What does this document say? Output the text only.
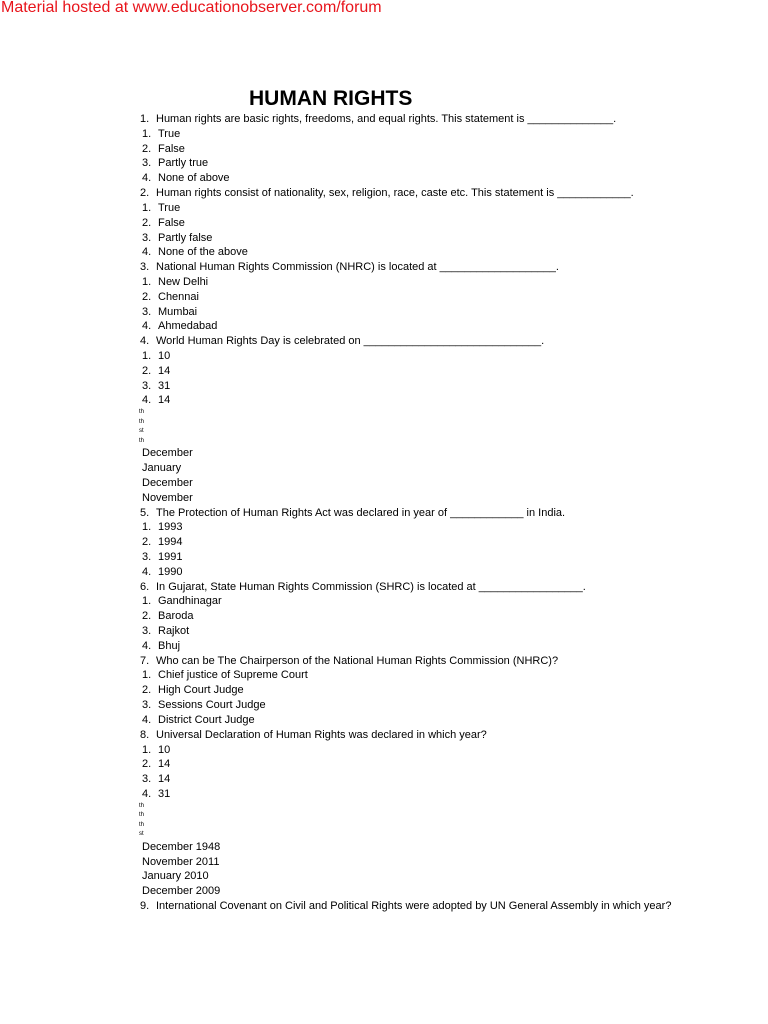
Material hosted at www.educationobserver.com/forum
HUMAN RIGHTS
1. Human rights are basic rights, freedoms, and equal rights. This statement is ______________.
1. True
2. False
3. Partly true
4. None of above
2. Human rights consist of nationality, sex, religion, race, caste etc. This statement is ____________.
1. True
2. False
3. Partly false
4. None of the above
3. National Human Rights Commission (NHRC) is located at ___________________.
1. New Delhi
2. Chennai
3. Mumbai
4. Ahmedabad
4. World Human Rights Day is celebrated on _____________________________.
1. 10
2. 14
3. 31
4. 14
th
th
st
th
December
January
December
November
5. The Protection of Human Rights Act was declared in year of ____________ in India.
1. 1993
2. 1994
3. 1991
4. 1990
6. In Gujarat, State Human Rights Commission (SHRC) is located at _________________.
1. Gandhinagar
2. Baroda
3. Rajkot
4. Bhuj
7. Who can be The Chairperson of the National Human Rights Commission (NHRC)?
1. Chief justice of Supreme Court
2. High Court Judge
3. Sessions Court Judge
4. District Court Judge
8. Universal Declaration of Human Rights was declared in which year?
1. 10
2. 14
3. 14
4. 31
th
th
th
st
December 1948
November 2011
January 2010
December 2009
9. International Covenant on Civil and Political Rights were adopted by UN General Assembly in which year?
